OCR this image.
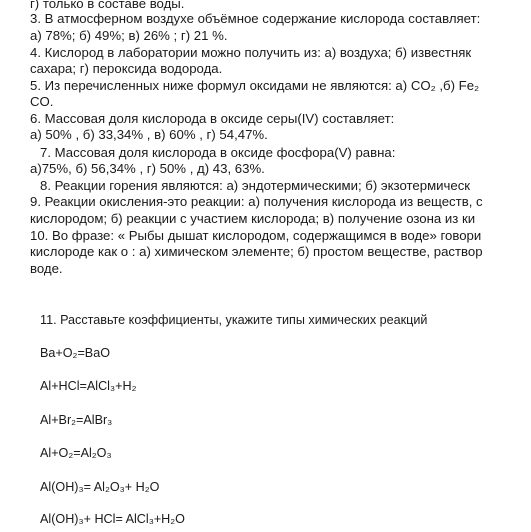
г) только в составе воды.
3. В атмосферном воздухе объёмное содержание кислорода составляет:
а) 78%; б) 49%; в) 26% ; г) 21 %.
4. Кислород в лаборатории можно получить из: а) воздуха; б) известняк
сахара; г) пероксида водорода.
5. Из перечисленных ниже формул оксидами не являются: а) CO₂ ,б) Fe₂
CO.
6. Массовая доля кислорода в оксиде серы(IV) составляет:
а) 50% , б) 33,34% , в) 60% , г) 54,47%.
7. Массовая доля кислорода в оксиде фосфора(V) равна:
а)75%, б) 56,34% , г) 50% , д) 43, 63%.
8. Реакции горения являются: а) эндотермическими; б) экзотермическ
9. Реакции окисления-это реакции: а) получения кислорода из веществ, с
кислородом; б) реакции с участием кислорода; в) получение озона из ки
10. Во фразе: « Рыбы дышат кислородом, содержащимся в воде» говори
кислороде как о : а) химическом элементе; б) простом веществе, раствор
воде.
11. Расставьте коэффициенты, укажите типы химических реакций
Ba+O₂=BaO
Al+HCl=AlCl₃+H₂
Al+Br₂=AlBr₃
Al+O₂=Al₂O₃
Al(OH)₃= Al₂O₃+ H₂O
Al(OH)₃+ HCl= AlCl₃+H₂O
